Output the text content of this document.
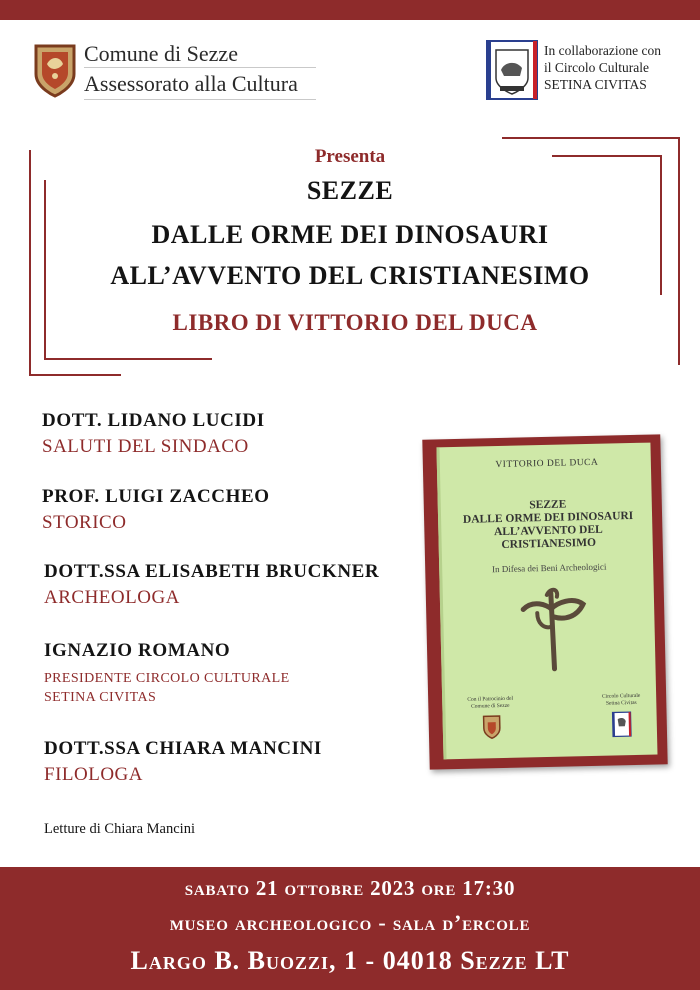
Comune di Sezze
Assessorato alla Cultura
In collaborazione con
il Circolo Culturale
SETINA CIVITAS
Presenta
SEZZE
DALLE ORME DEI DINOSAURI
ALL’AVVENTO DEL CRISTIANESIMO
LIBRO DI VITTORIO DEL DUCA
DOTT. LIDANO LUCIDI
SALUTI DEL SINDACO
PROF. LUIGI ZACCHEO
STORICO
DOTT.SSA ELISABETH BRUCKNER
ARCHEOLOGA
IGNAZIO ROMANO
PRESIDENTE CIRCOLO CULTURALE
SETINA CIVITAS
DOTT.SSA CHIARA MANCINI
FILOLOGA
Letture di Chiara Mancini
VITTORIO DEL DUCA
SEZZE
DALLE ORME DEI DINOSAURI
ALL’AVVENTO DEL
CRISTIANESIMO
In Difesa dei Beni Archeologici
Con il Patrocinio del
Comune di Sezze
Circolo Culturale
Setina Civitas
sabato 21 ottobre 2023 ore 17:30
museo archeologico - sala d’ercole
Largo B. Buozzi, 1 - 04018 Sezze LT
